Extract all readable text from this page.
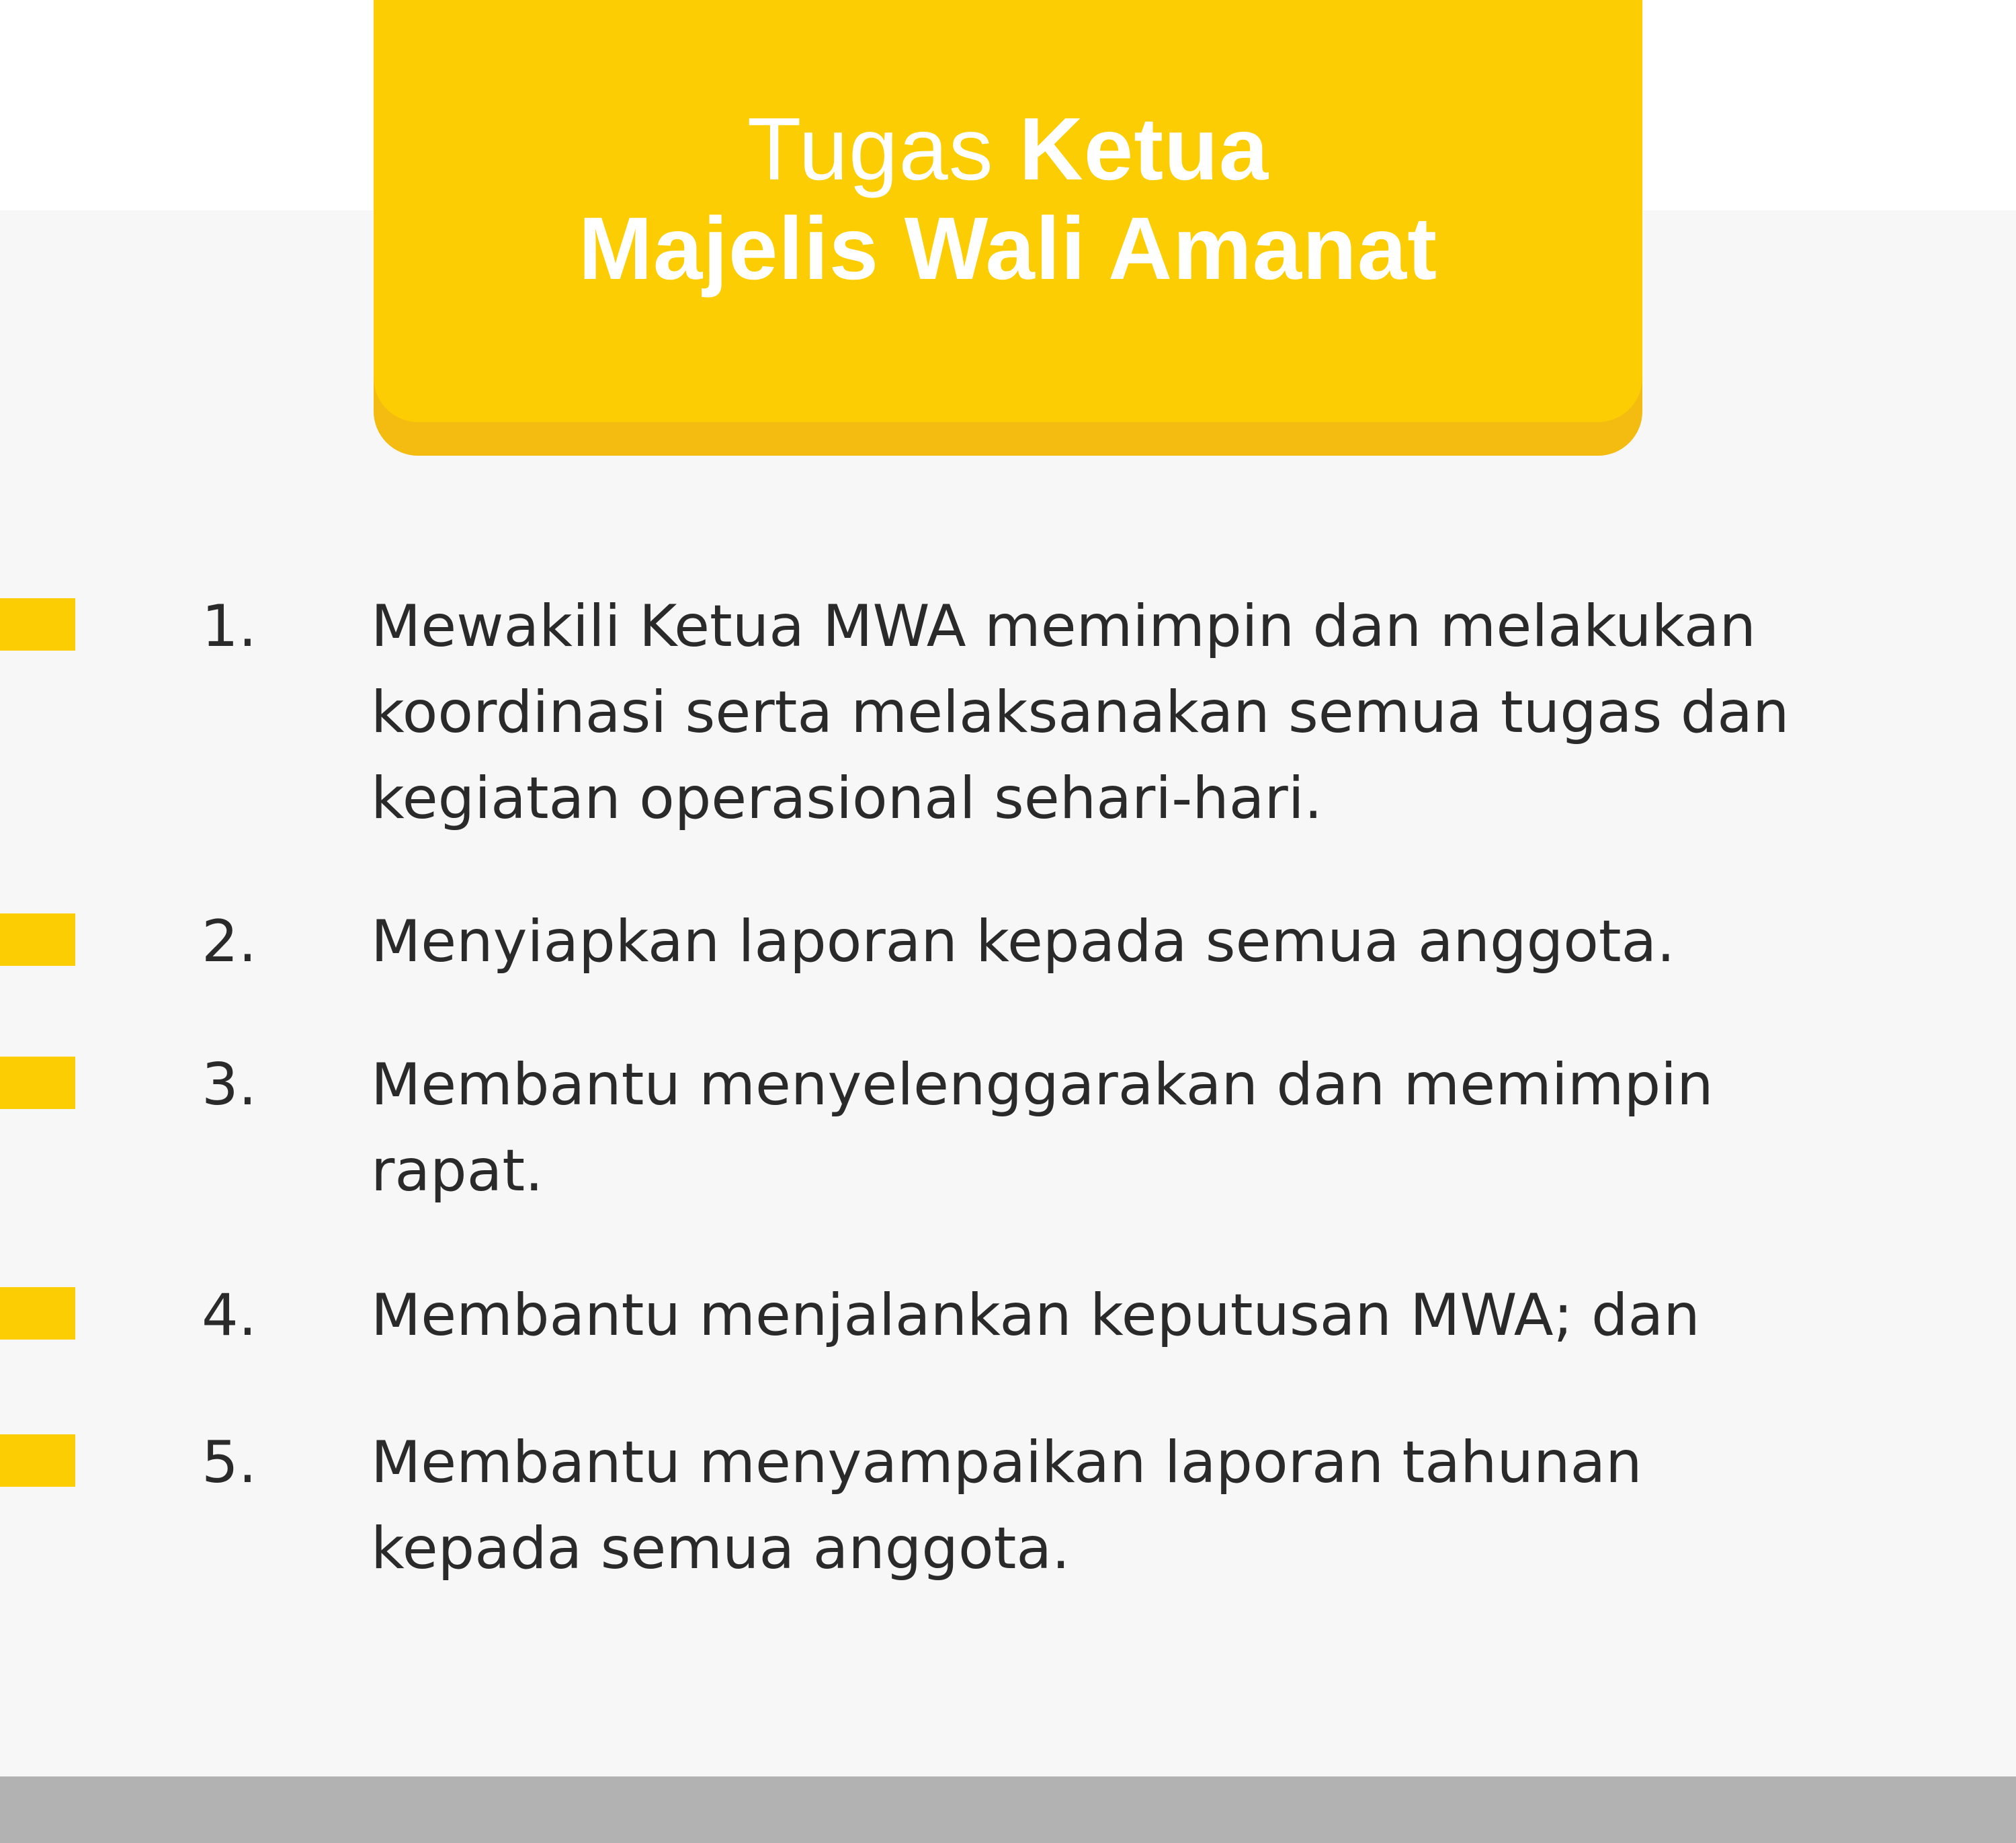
Tugas Ketua
Majelis Wali Amanat
1. Mewakili Ketua MWA memimpin dan melakukan
koordinasi serta melaksanakan semua tugas dan
kegiatan operasional sehari-hari.
2. Menyiapkan laporan kepada semua anggota.
3. Membantu menyelenggarakan dan memimpin
rapat.
4. Membantu menjalankan keputusan MWA; dan
5. Membantu menyampaikan laporan tahunan
kepada semua anggota.
